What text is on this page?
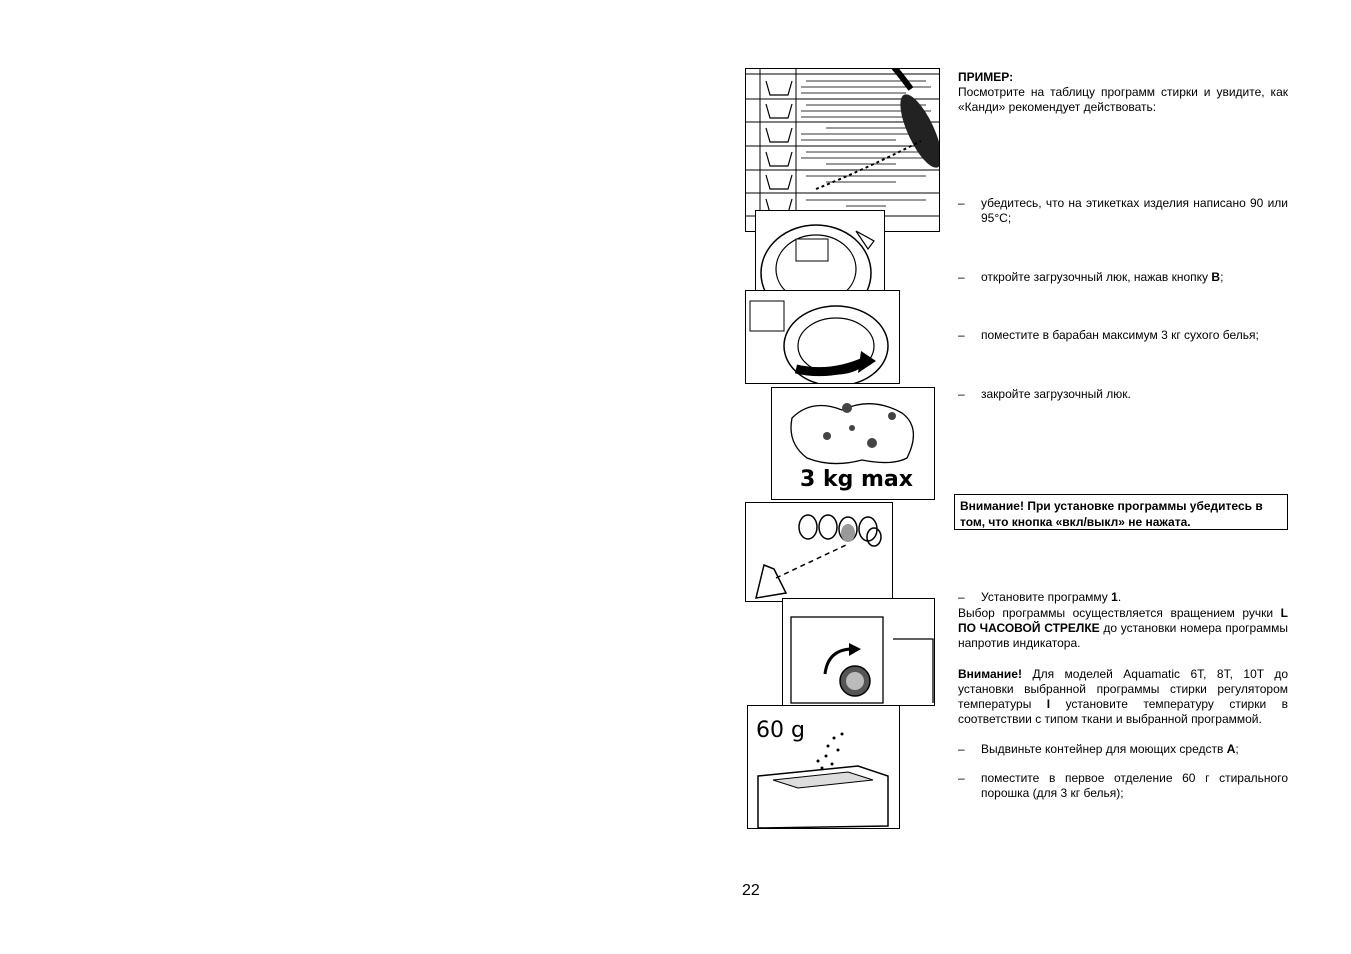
3 kg max
60 g
ПРИМЕР:
Посмотрите на таблицу программ стирки и увидите, как «Канди» рекомендует действовать:
– убедитесь, что на этикетках изделия написано 90 или 95°С;
– откройте загрузочный люк, нажав кнопку В;
– поместите в барабан максимум 3 кг сухого белья;
– закройте загрузочный люк.
Внимание! При установке программы убедитесь в том, что кнопка «вкл/выкл» не нажата.
– Установите программу 1.
Выбор программы осуществляется вращением ручки L ПО ЧАСОВОЙ СТРЕЛКЕ до установки номера программы напротив индикатора.
Внимание! Для моделей Aquamatic 6T, 8T, 10T до установки выбранной программы стирки регулятором температуры I установите температуру стирки в соответствии с типом ткани и выбранной программой.
– Выдвиньте контейнер для моющих средств А;
– поместите в первое отделение 60 г стирального порошка (для 3 кг белья);
22
